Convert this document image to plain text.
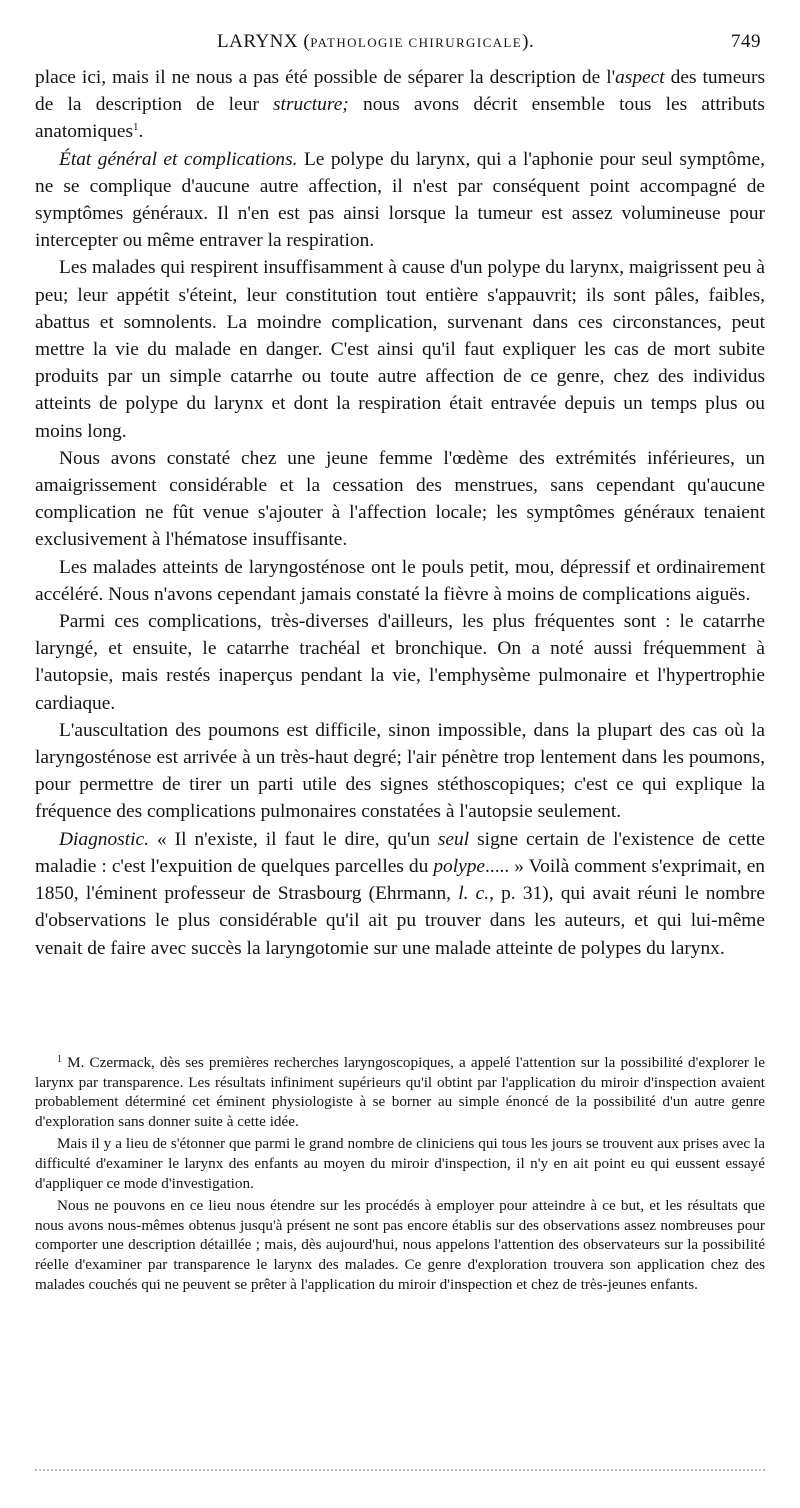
LARYNX (PATHOLOGIE CHIRURGICALE).	749

place ici, mais il ne nous a pas été possible de séparer la description de l'aspect des tumeurs de la description de leur structure; nous avons décrit ensemble tous les attributs anatomiques$^1$.

État général et complications. Le polype du larynx, qui a l'aphonie pour seul symptôme, ne se complique d'aucune autre affection, il n'est par conséquent point accompagné de symptômes généraux. Il n'en est pas ainsi lorsque la tumeur est assez volumineuse pour intercepter ou même entraver la respiration.

Les malades qui respirent insuffisamment à cause d'un polype du larynx, maigrissent peu à peu; leur appétit s'éteint, leur constitution tout entière s'appauvrit; ils sont pâles, faibles, abattus et somnolents. La moindre complication, survenant dans ces circonstances, peut mettre la vie du malade en danger. C'est ainsi qu'il faut expliquer les cas de mort subite produits par un simple catarrhe ou toute autre affection de ce genre, chez des individus atteints de polype du larynx et dont la respiration était entravée depuis un temps plus ou moins long.

Nous avons constaté chez une jeune femme l'œdème des extrémités inférieures, un amaigrissement considérable et la cessation des menstrues, sans cependant qu'aucune complication ne fût venue s'ajouter à l'affection locale; les symptômes généraux tenaient exclusivement à l'hématose insuffisante.

Les malades atteints de laryngosténose ont le pouls petit, mou, dépressif et ordinairement accéléré. Nous n'avons cependant jamais constaté la fièvre à moins de complications aiguës.

Parmi ces complications, très-diverses d'ailleurs, les plus fréquentes sont : le catarrhe laryngé, et ensuite, le catarrhe trachéal et bronchique. On a noté aussi fréquemment à l'autopsie, mais restés inaperçus pendant la vie, l'emphysème pulmonaire et l'hypertrophie cardiaque.

L'auscultation des poumons est difficile, sinon impossible, dans la plupart des cas où la laryngosténose est arrivée à un très-haut degré; l'air pénètre trop lentement dans les poumons, pour permettre de tirer un parti utile des signes stéthoscopiques; c'est ce qui explique la fréquence des complications pulmonaires constatées à l'autopsie seulement.

Diagnostic. « Il n'existe, il faut le dire, qu'un seul signe certain de l'existence de cette maladie : c'est l'expuition de quelques parcelles du polype..... » Voilà comment s'exprimait, en 1850, l'éminent professeur de Strasbourg (Ehrmann, l. c., p. 31), qui avait réuni le nombre d'observations le plus considérable qu'il ait pu trouver dans les auteurs, et qui lui-même venait de faire avec succès la laryngotomie sur une malade atteinte de polypes du larynx.

$^1$ M. Czermack, dès ses premières recherches laryngoscopiques, a appelé l'attention sur la possibilité d'explorer le larynx par transparence. Les résultats infiniment supérieurs qu'il obtint par l'application du miroir d'inspection avaient probablement déterminé cet éminent physiologiste à se borner au simple énoncé de la possibilité d'un autre genre d'exploration sans donner suite à cette idée.

Mais il y a lieu de s'étonner que parmi le grand nombre de cliniciens qui tous les jours se trouvent aux prises avec la difficulté d'examiner le larynx des enfants au moyen du miroir d'inspection, il n'y en ait point eu qui eussent essayé d'appliquer ce mode d'investigation.

Nous ne pouvons en ce lieu nous étendre sur les procédés à employer pour atteindre à ce but, et les résultats que nous avons nous-mêmes obtenus jusqu'à présent ne sont pas encore établis sur des observations assez nombreuses pour comporter une description détaillée ; mais, dès aujourd'hui, nous appelons l'attention des observateurs sur la possibilité réelle d'examiner par transparence le larynx des malades. Ce genre d'exploration trouvera son application chez des malades couchés qui ne peuvent se prêter à l'application du miroir d'inspection et chez de très-jeunes enfants.
